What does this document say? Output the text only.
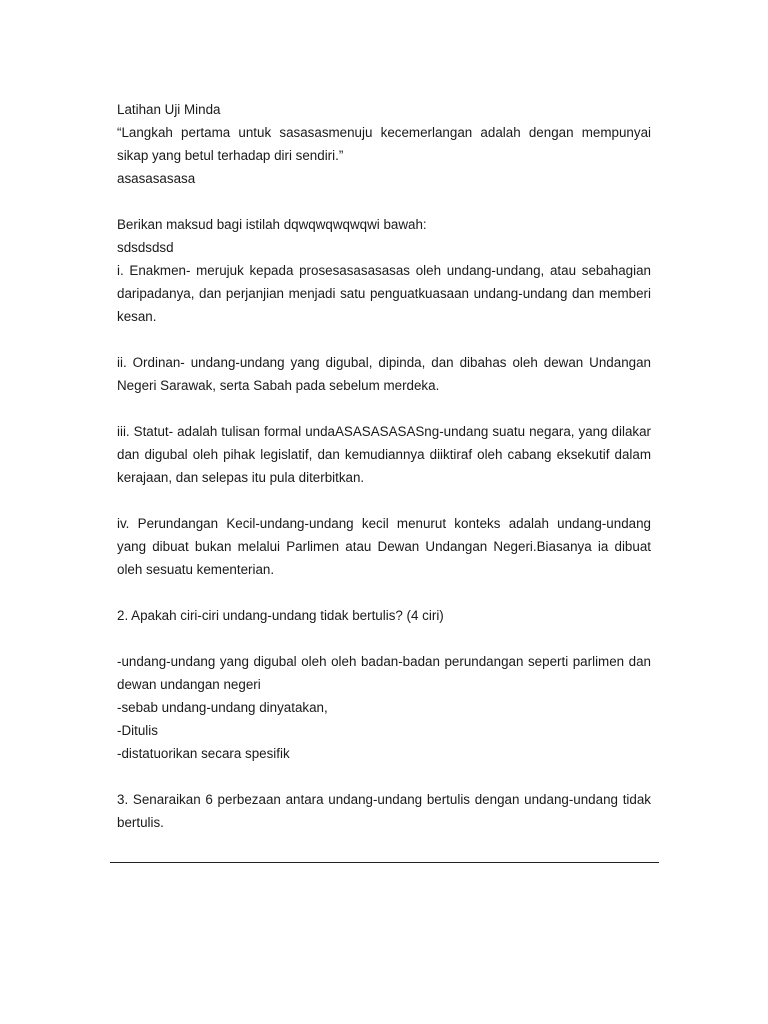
Latihan Uji Minda
“Langkah pertama untuk sasasasmenuju kecemerlangan adalah dengan mempunyai sikap yang betul terhadap diri sendiri.”
asasasasasa
Berikan maksud bagi istilah dqwqwqwqwqwi bawah:
sdsdsdsd
i. Enakmen- merujuk kepada prosesasasasasas oleh undang-undang, atau sebahagian daripadanya, dan perjanjian menjadi satu penguatkuasaan undang-undang dan memberi kesan.
ii. Ordinan- undang-undang yang digubal, dipinda, dan dibahas oleh dewan Undangan Negeri Sarawak, serta Sabah pada sebelum merdeka.
iii. Statut- adalah tulisan formal undaASASASASASng-undang suatu negara, yang dilakar dan digubal oleh pihak legislatif, dan kemudiannya diiktiraf oleh cabang eksekutif dalam kerajaan, dan selepas itu pula diterbitkan.
iv. Perundangan Kecil-undang-undang kecil menurut konteks adalah undang-undang yang dibuat bukan melalui Parlimen atau Dewan Undangan Negeri.Biasanya ia dibuat oleh sesuatu kementerian.
2. Apakah ciri-ciri undang-undang tidak bertulis? (4 ciri)
-undang-undang yang digubal oleh oleh badan-badan perundangan seperti parlimen dan dewan undangan negeri
-sebab undang-undang dinyatakan,
-Ditulis
-distatuorikan secara spesifik
3. Senaraikan 6 perbezaan antara undang-undang bertulis dengan undang-undang tidak bertulis.
